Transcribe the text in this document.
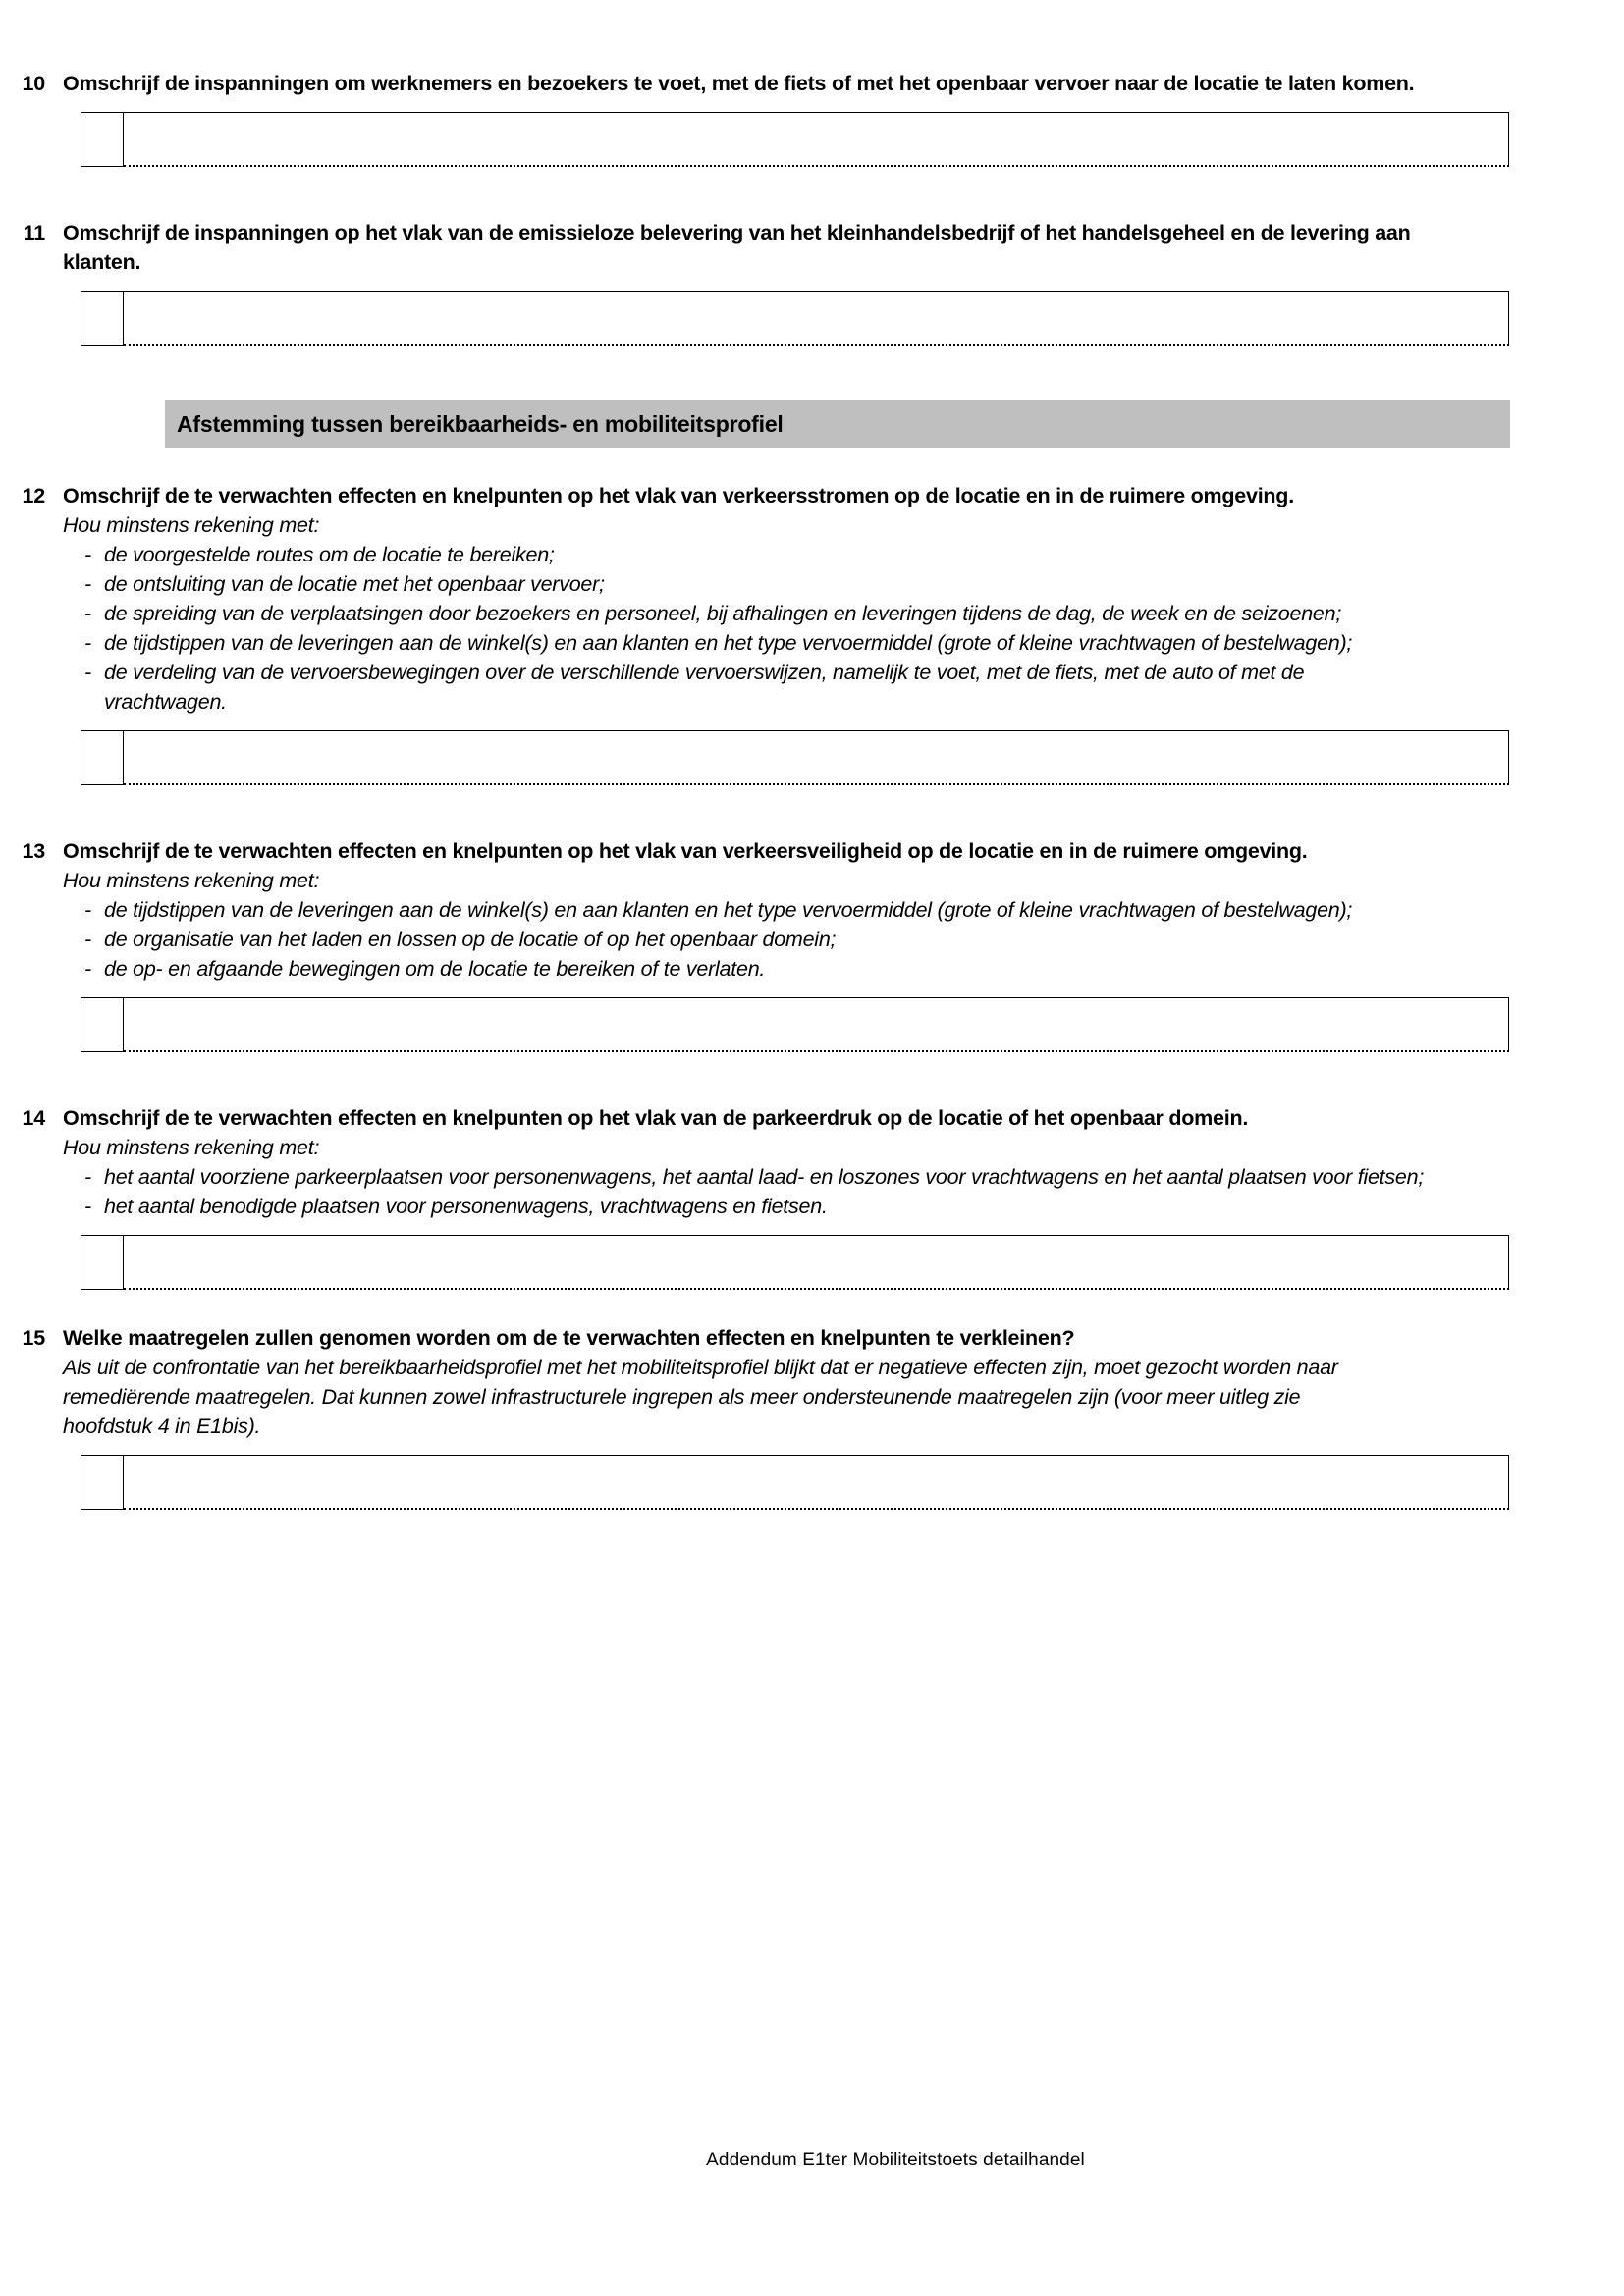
10 Omschrijf de inspanningen om werknemers en bezoekers te voet, met de fiets of met het openbaar vervoer naar de locatie te laten komen.
11 Omschrijf de inspanningen op het vlak van de emissieloze belevering van het kleinhandelsbedrijf of het handelsgeheel en de levering aan klanten.
Afstemming tussen bereikbaarheids- en mobiliteitsprofiel
12 Omschrijf de te verwachten effecten en knelpunten op het vlak van verkeersstromen op de locatie en in de ruimere omgeving.
Hou minstens rekening met:
- de voorgestelde routes om de locatie te bereiken;
- de ontsluiting van de locatie met het openbaar vervoer;
- de spreiding van de verplaatsingen door bezoekers en personeel, bij afhalingen en leveringen tijdens de dag, de week en de seizoenen;
- de tijdstippen van de leveringen aan de winkel(s) en aan klanten en het type vervoermiddel (grote of kleine vrachtwagen of bestelwagen);
- de verdeling van de vervoersbewegingen over de verschillende vervoerswijzen, namelijk te voet, met de fiets, met de auto of met de vrachtwagen.
13 Omschrijf de te verwachten effecten en knelpunten op het vlak van verkeersveiligheid op de locatie en in de ruimere omgeving.
Hou minstens rekening met:
- de tijdstippen van de leveringen aan de winkel(s) en aan klanten en het type vervoermiddel (grote of kleine vrachtwagen of bestelwagen);
- de organisatie van het laden en lossen op de locatie of op het openbaar domein;
- de op- en afgaande bewegingen om de locatie te bereiken of te verlaten.
14 Omschrijf de te verwachten effecten en knelpunten op het vlak van de parkeerdruk op de locatie of het openbaar domein.
Hou minstens rekening met:
- het aantal voorziene parkeerplaatsen voor personenwagens, het aantal laad- en loszones voor vrachtwagens en het aantal plaatsen voor fietsen;
- het aantal benodigde plaatsen voor personenwagens, vrachtwagens en fietsen.
15 Welke maatregelen zullen genomen worden om de te verwachten effecten en knelpunten te verkleinen?
Als uit de confrontatie van het bereikbaarheidsprofiel met het mobiliteitsprofiel blijkt dat er negatieve effecten zijn, moet gezocht worden naar remediërende maatregelen. Dat kunnen zowel infrastructurele ingrepen als meer ondersteunende maatregelen zijn (voor meer uitleg zie hoofdstuk 4 in E1bis).
Addendum E1ter Mobiliteitstoets detailhandel
